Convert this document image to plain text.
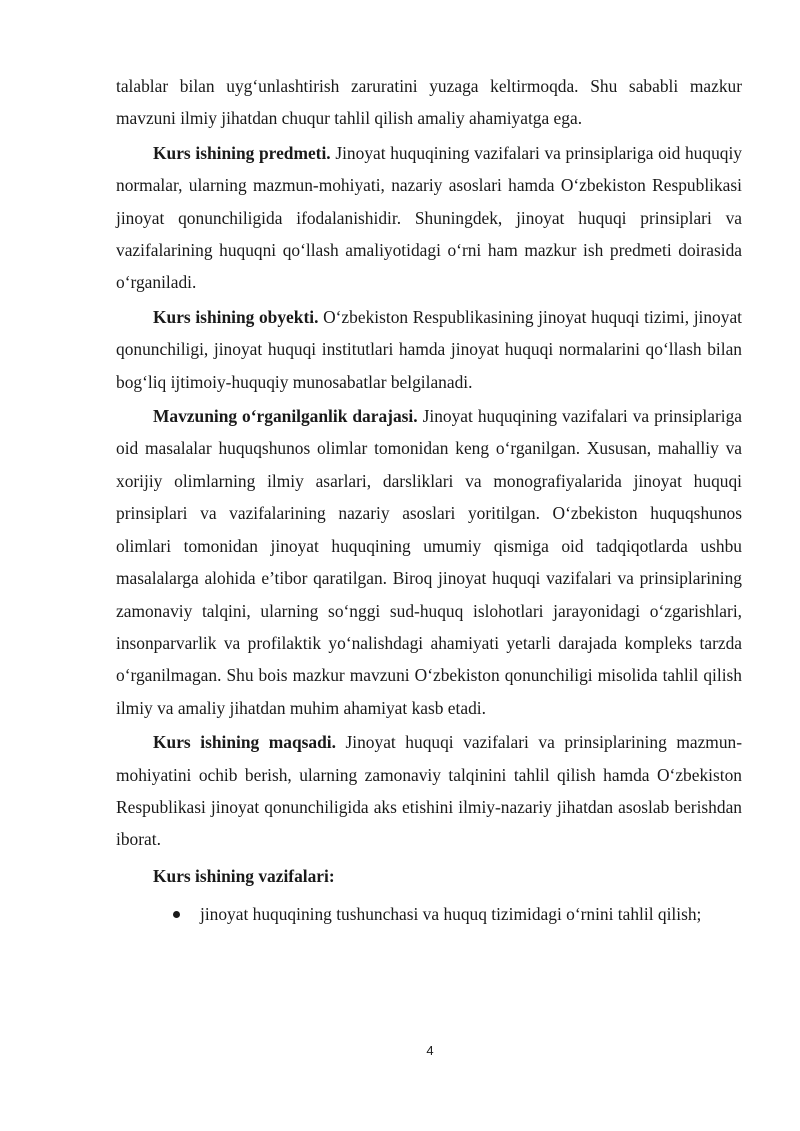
talablar bilan uyg‘unlashtirish zaruratini yuzaga keltirmoqda. Shu sababli mazkur mavzuni ilmiy jihatdan chuqur tahlil qilish amaliy ahamiyatga ega.

Kurs ishining predmeti. Jinoyat huquqining vazifalari va prinsiplariga oid huquqiy normalar, ularning mazmun-mohiyati, nazariy asoslari hamda O‘zbekiston Respublikasi jinoyat qonunchiligida ifodalanishidir. Shuningdek, jinoyat huquqi prinsiplari va vazifalarining huquqni qo‘llash amaliyotidagi o‘rni ham mazkur ish predmeti doirasida o‘rganiladi.

Kurs ishining obyekti. O‘zbekiston Respublikasining jinoyat huquqi tizimi, jinoyat qonunchiligi, jinoyat huquqi institutlari hamda jinoyat huquqi normalarini qo‘llash bilan bog‘liq ijtimoiy-huquqiy munosabatlar belgilanadi.

Mavzuning o‘rganilganlik darajasi. Jinoyat huquqining vazifalari va prinsiplariga oid masalalar huquqshunos olimlar tomonidan keng o‘rganilgan. Xususan, mahalliy va xorijiy olimlarning ilmiy asarlari, darsliklari va monografiyalarida jinoyat huquqi prinsiplari va vazifalarining nazariy asoslari yoritilgan. O‘zbekiston huquqshunos olimlari tomonidan jinoyat huquqining umumiy qismiga oid tadqiqotlarda ushbu masalalarga alohida e’tibor qaratilgan. Biroq jinoyat huquqi vazifalari va prinsiplarining zamonaviy talqini, ularning so‘nggi sud-huquq islohotlari jarayonidagi o‘zgarishlari, insonparvarlik va profilaktik yo‘nalishdagi ahamiyati yetarli darajada kompleks tarzda o‘rganilmagan. Shu bois mazkur mavzuni O‘zbekiston qonunchiligi misolida tahlil qilish ilmiy va amaliy jihatdan muhim ahamiyat kasb etadi.

Kurs ishining maqsadi. Jinoyat huquqi vazifalari va prinsiplarining mazmun-mohiyatini ochib berish, ularning zamonaviy talqinini tahlil qilish hamda O‘zbekiston Respublikasi jinoyat qonunchiligida aks etishini ilmiy-nazariy jihatdan asoslab berishdan iborat.

Kurs ishining vazifalari:

jinoyat huquqining tushunchasi va huquq tizimidagi o‘rnini tahlil qilish;
4
